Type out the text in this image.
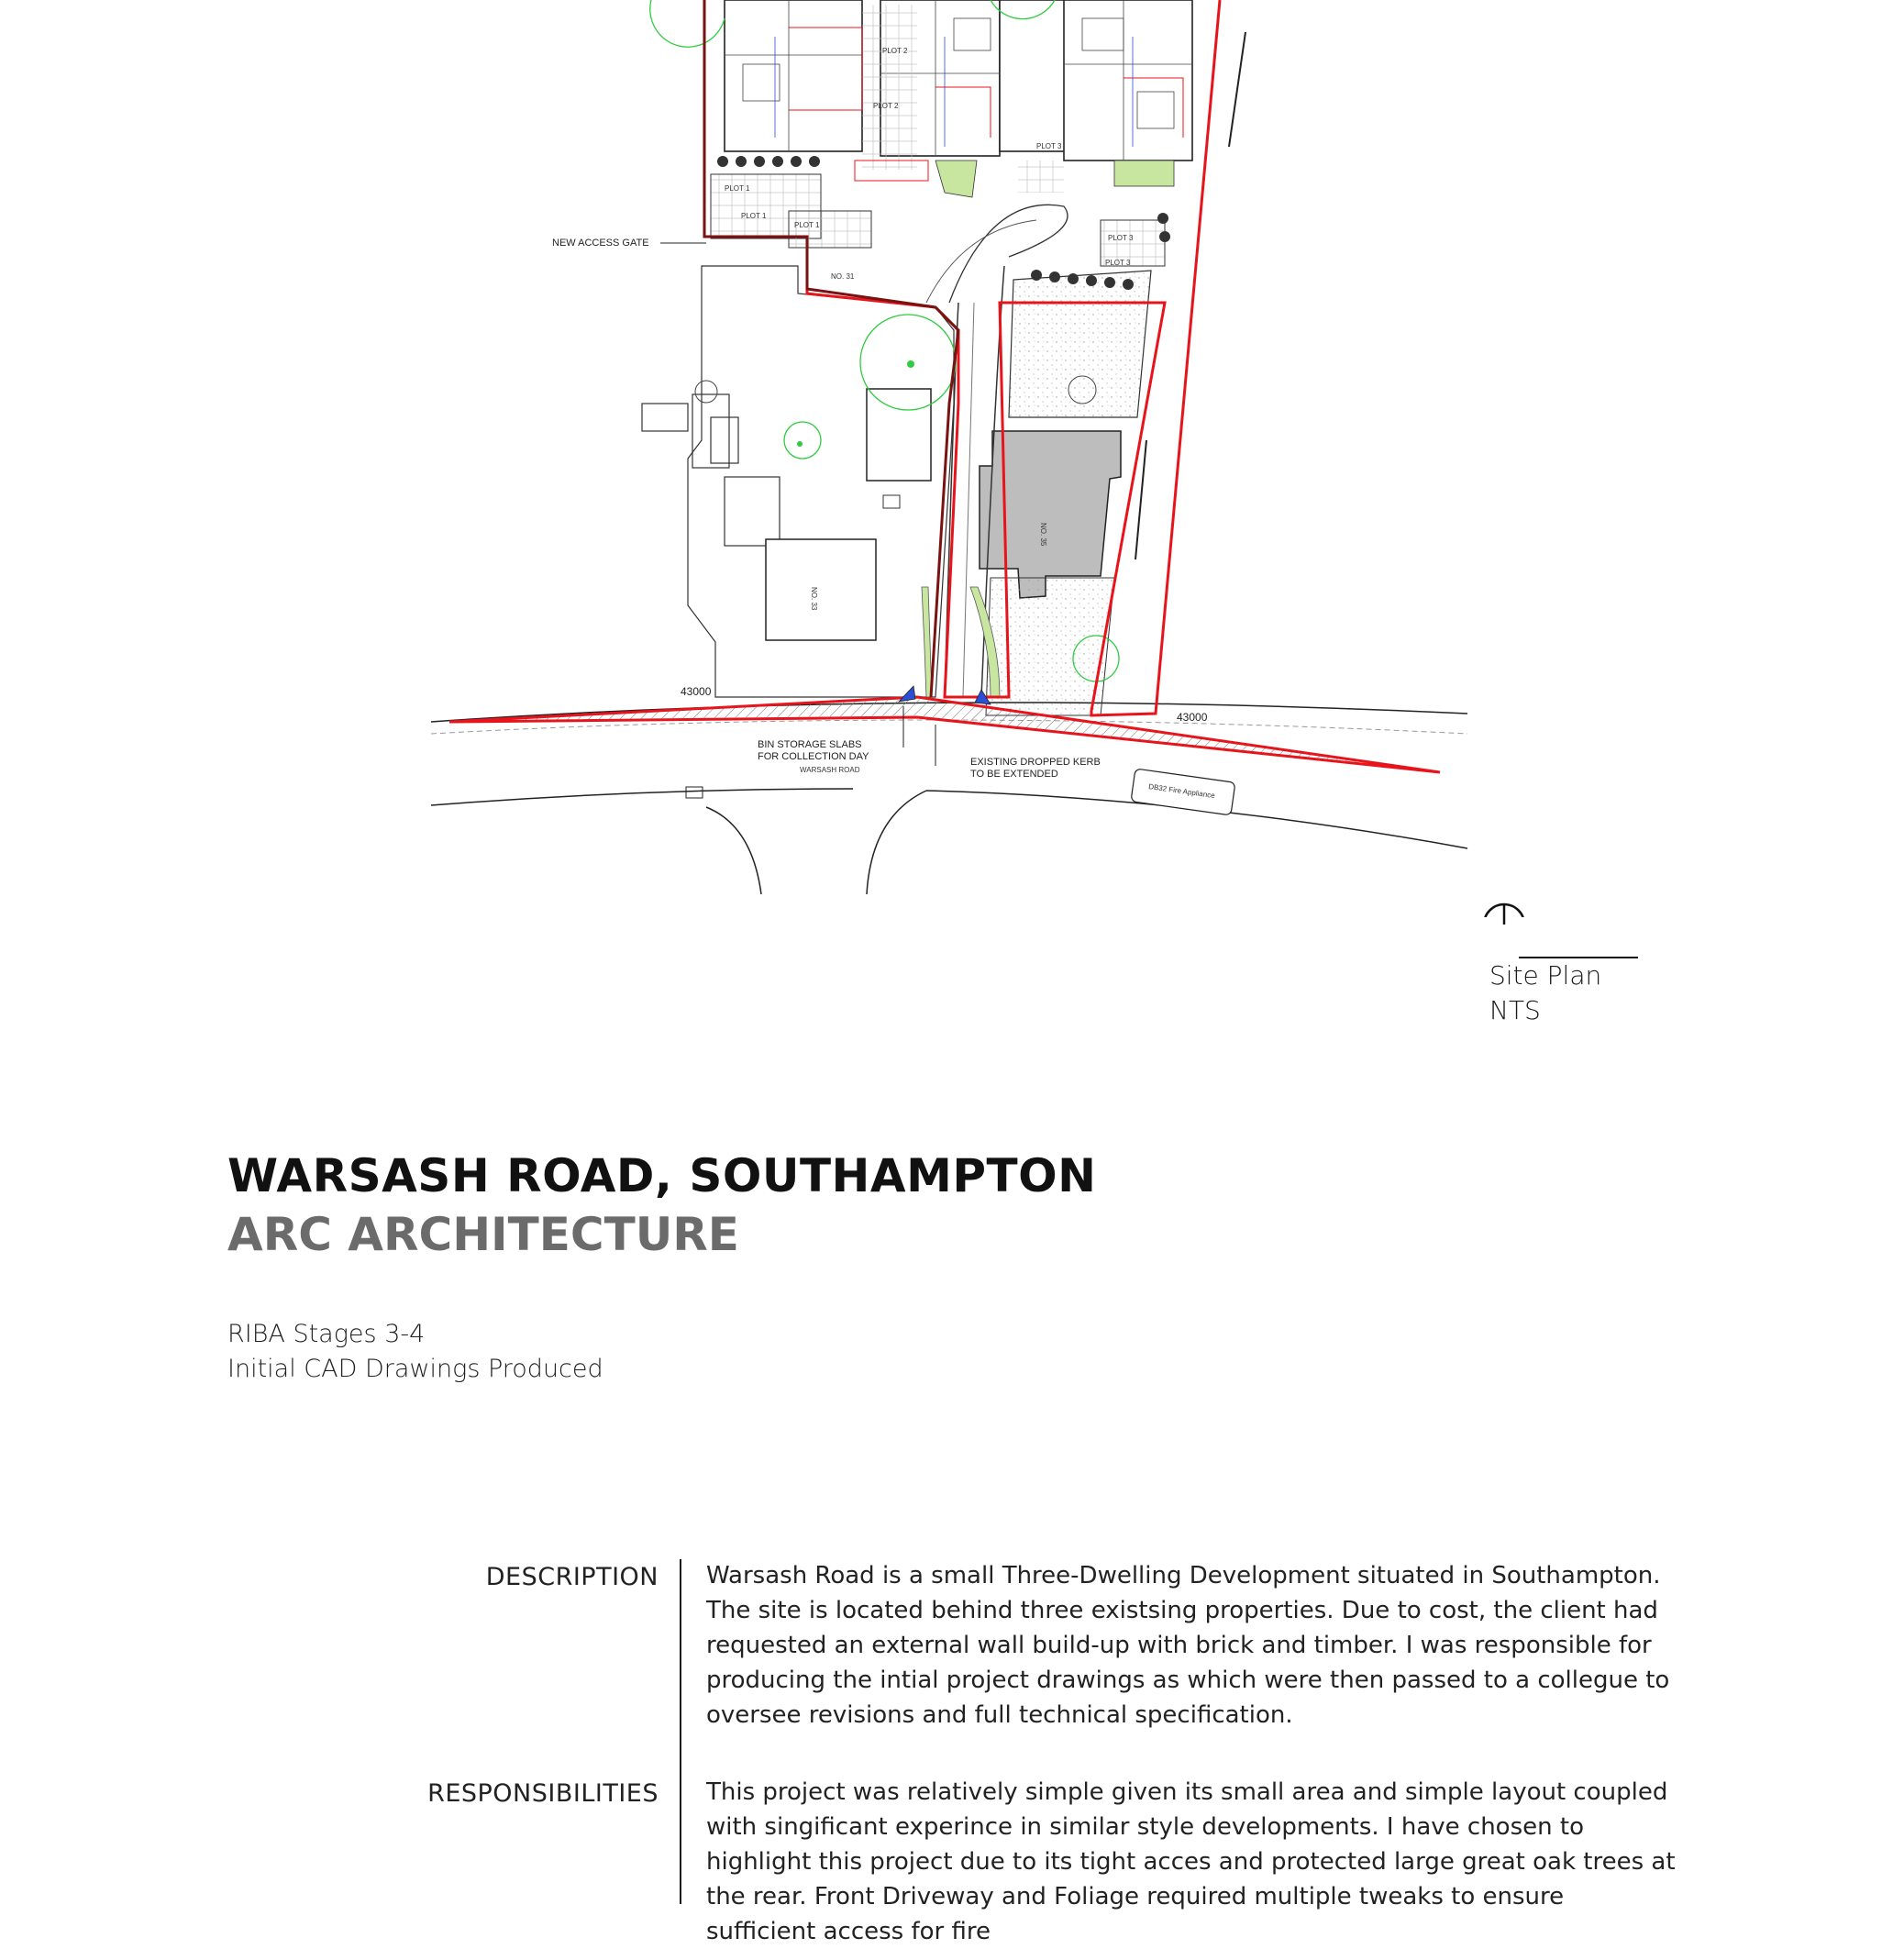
NEW ACCESS GATE
BIN STORAGE SLABS
FOR COLLECTION DAY
WARSASH ROAD
EXISTING DROPPED KERB
TO BE EXTENDED
DB32 Fire Appliance
43000
43000
PLOT 1
PLOT 1
PLOT 1
PLOT 2
PLOT 2
PLOT 3
PLOT 3
PLOT 3
NO. 31
NO. 33
NO. 35
Site Plan
NTS
WARSASH ROAD, SOUTHAMPTON
ARC ARCHITECTURE
RIBA Stages 3-4
Initial CAD Drawings Produced
DESCRIPTION Warsash Road is a small Three-Dwelling Development situated in Southampton. The site is located behind three existsing properties. Due to cost, the client had requested an external wall build-up with brick and timber. I was responsible for producing the intial project drawings as which were then passed to a collegue to oversee revisions and full technical specification.
RESPONSIBILITIES This project was relatively simple given its small area and simple layout coupled with singificant experince in similar style developments. I have chosen to highlight this project due to its tight acces and protected large great oak trees at the rear. Front Driveway and Foliage required multiple tweaks to ensure sufficient access for fire
